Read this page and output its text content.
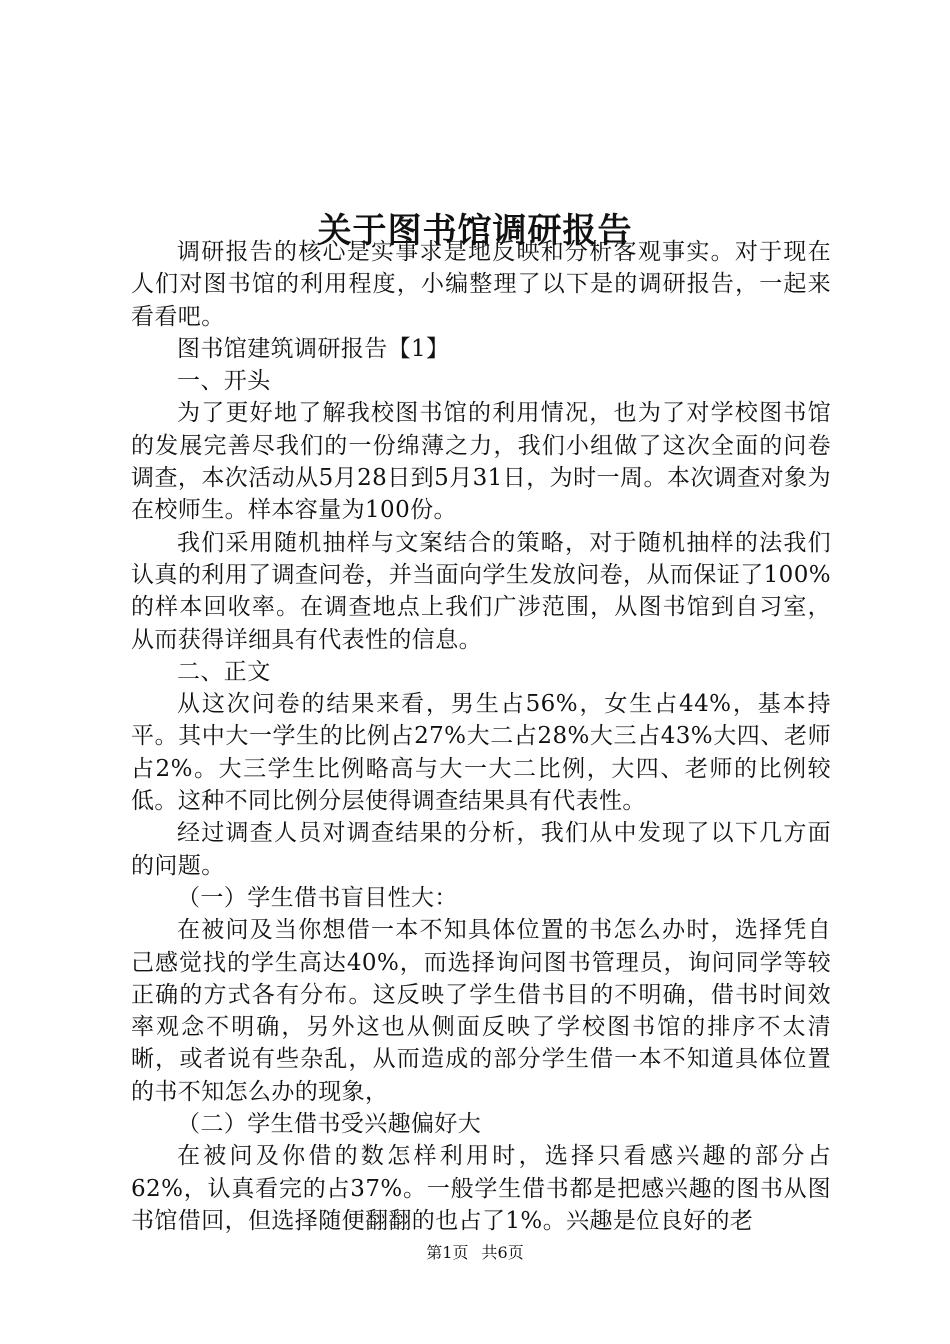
关于图书馆调研报告

调研报告的核心是实事求是地反映和分析客观事实。对于现在人们对图书馆的利用程度，小编整理了以下是的调研报告，一起来看看吧。

图书馆建筑调研报告【1】

一、开头

为了更好地了解我校图书馆的利用情况，也为了对学校图书馆的发展完善尽我们的一份绵薄之力，我们小组做了这次全面的问卷调查，本次活动从5月28日到5月31日，为时一周。本次调查对象为在校师生。样本容量为100份。

我们采用随机抽样与文案结合的策略，对于随机抽样的法我们认真的利用了调查问卷，并当面向学生发放问卷，从而保证了100%的样本回收率。在调查地点上我们广涉范围，从图书馆到自习室，从而获得详细具有代表性的信息。

二、正文

从这次问卷的结果来看，男生占56%，女生占44%，基本持平。其中大一学生的比例占27%大二占28%大三占43%大四、老师占2%。大三学生比例略高与大一大二比例，大四、老师的比例较低。这种不同比例分层使得调查结果具有代表性。

经过调查人员对调查结果的分析，我们从中发现了以下几方面的问题。

（一）学生借书盲目性大：

在被问及当你想借一本不知具体位置的书怎么办时，选择凭自己感觉找的学生高达40%，而选择询问图书管理员，询问同学等较正确的方式各有分布。这反映了学生借书目的不明确，借书时间效率观念不明确，另外这也从侧面反映了学校图书馆的排序不太清晰，或者说有些杂乱，从而造成的部分学生借一本不知道具体位置的书不知怎么办的现象，

（二）学生借书受兴趣偏好大

在被问及你借的数怎样利用时，选择只看感兴趣的部分占62%，认真看完的占37%。一般学生借书都是把感兴趣的图书从图书馆借回，但选择随便翻翻的也占了1%。兴趣是位良好的老

第1页 共6页
